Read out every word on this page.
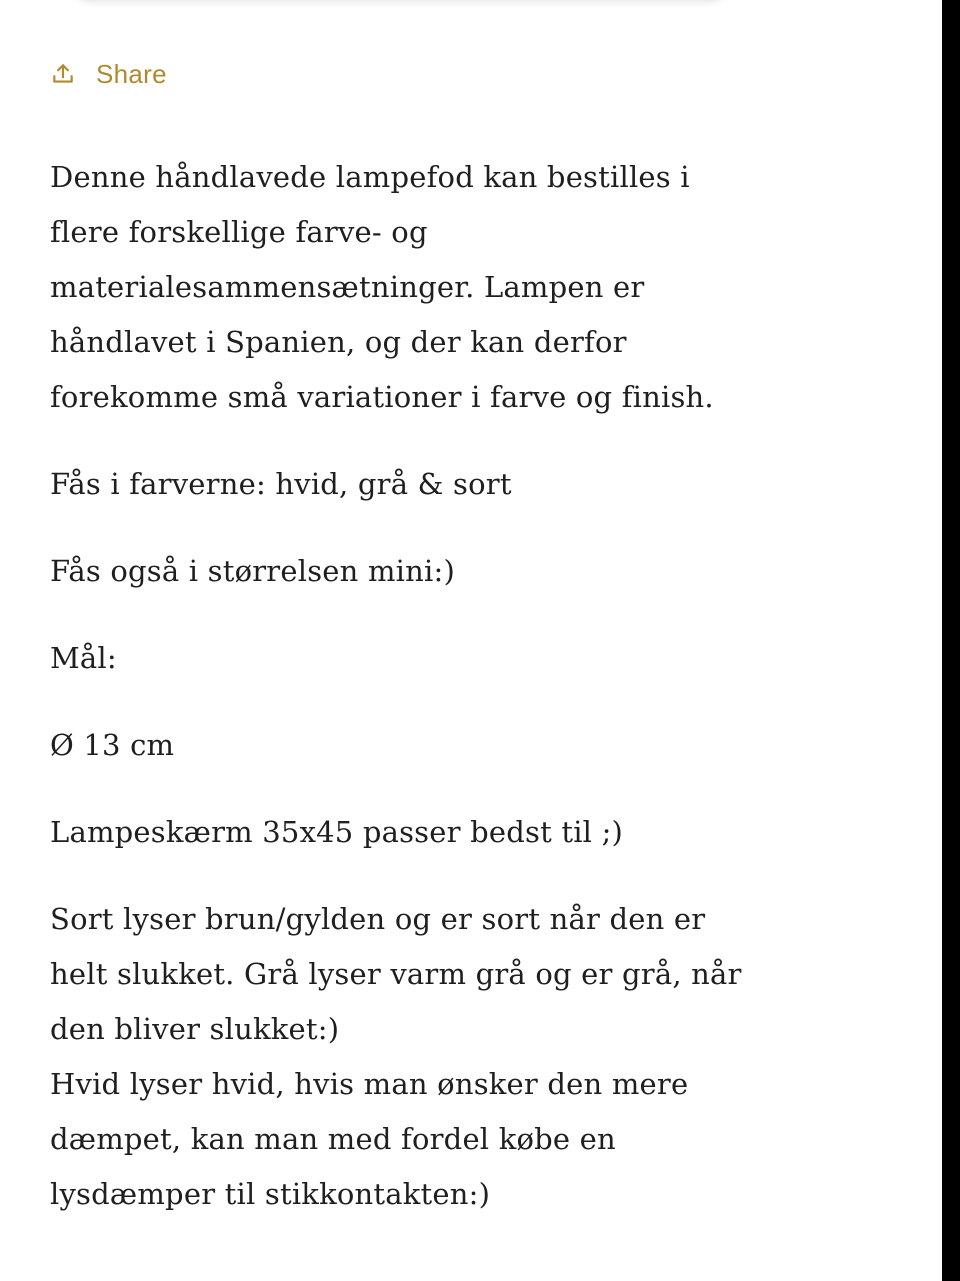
Share

Denne håndlavede lampefod kan bestilles i flere forskellige farve- og materialesammensætninger. Lampen er håndlavet i Spanien, og der kan derfor forekomme små variationer i farve og finish.

Fås i farverne: hvid, grå & sort

Fås også i størrelsen mini:)

Mål:

Ø 13 cm

Lampeskærm 35x45 passer bedst til ;)

Sort lyser brun/gylden og er sort når den er helt slukket. Grå lyser varm grå og er grå, når den bliver slukket:)

Hvid lyser hvid, hvis man ønsker den mere dæmpet, kan man med fordel købe en lysdæmper til stikkontakten:)
